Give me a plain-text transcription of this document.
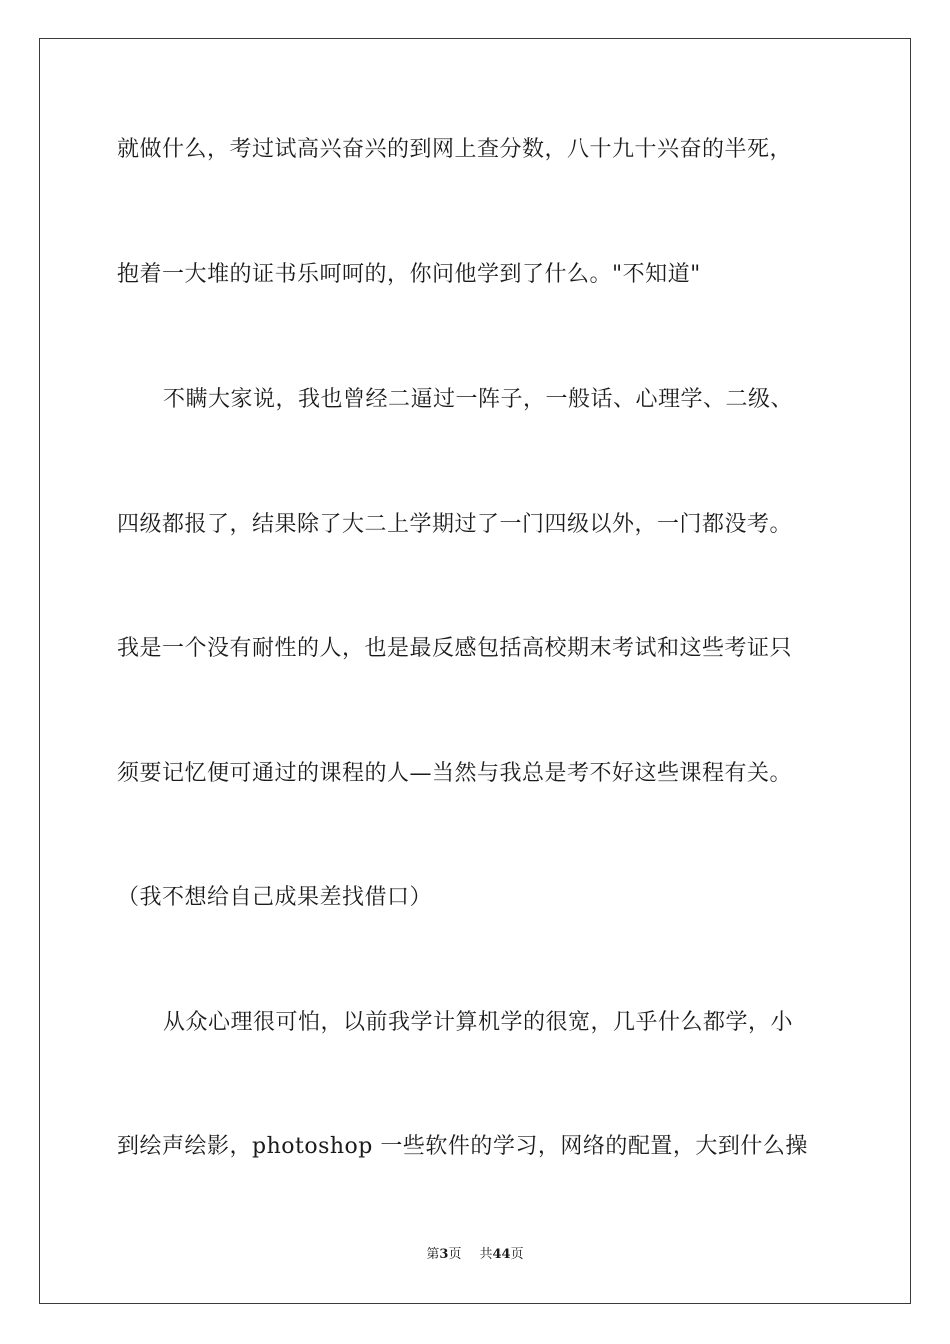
就做什么，考过试高兴奋兴的到网上查分数，八十九十兴奋的半死，
抱着一大堆的证书乐呵呵的，你问他学到了什么。"不知道"
不瞒大家说，我也曾经二逼过一阵子，一般话、心理学、二级、
四级都报了，结果除了大二上学期过了一门四级以外，一门都没考。
我是一个没有耐性的人，也是最反感包括高校期末考试和这些考证只
须要记忆便可通过的课程的人—当然与我总是考不好这些课程有关。
（我不想给自己成果差找借口）
从众心理很可怕，以前我学计算机学的很宽，几乎什么都学，小
到绘声绘影，photoshop 一些软件的学习，网络的配置，大到什么操
第3页 共44页
